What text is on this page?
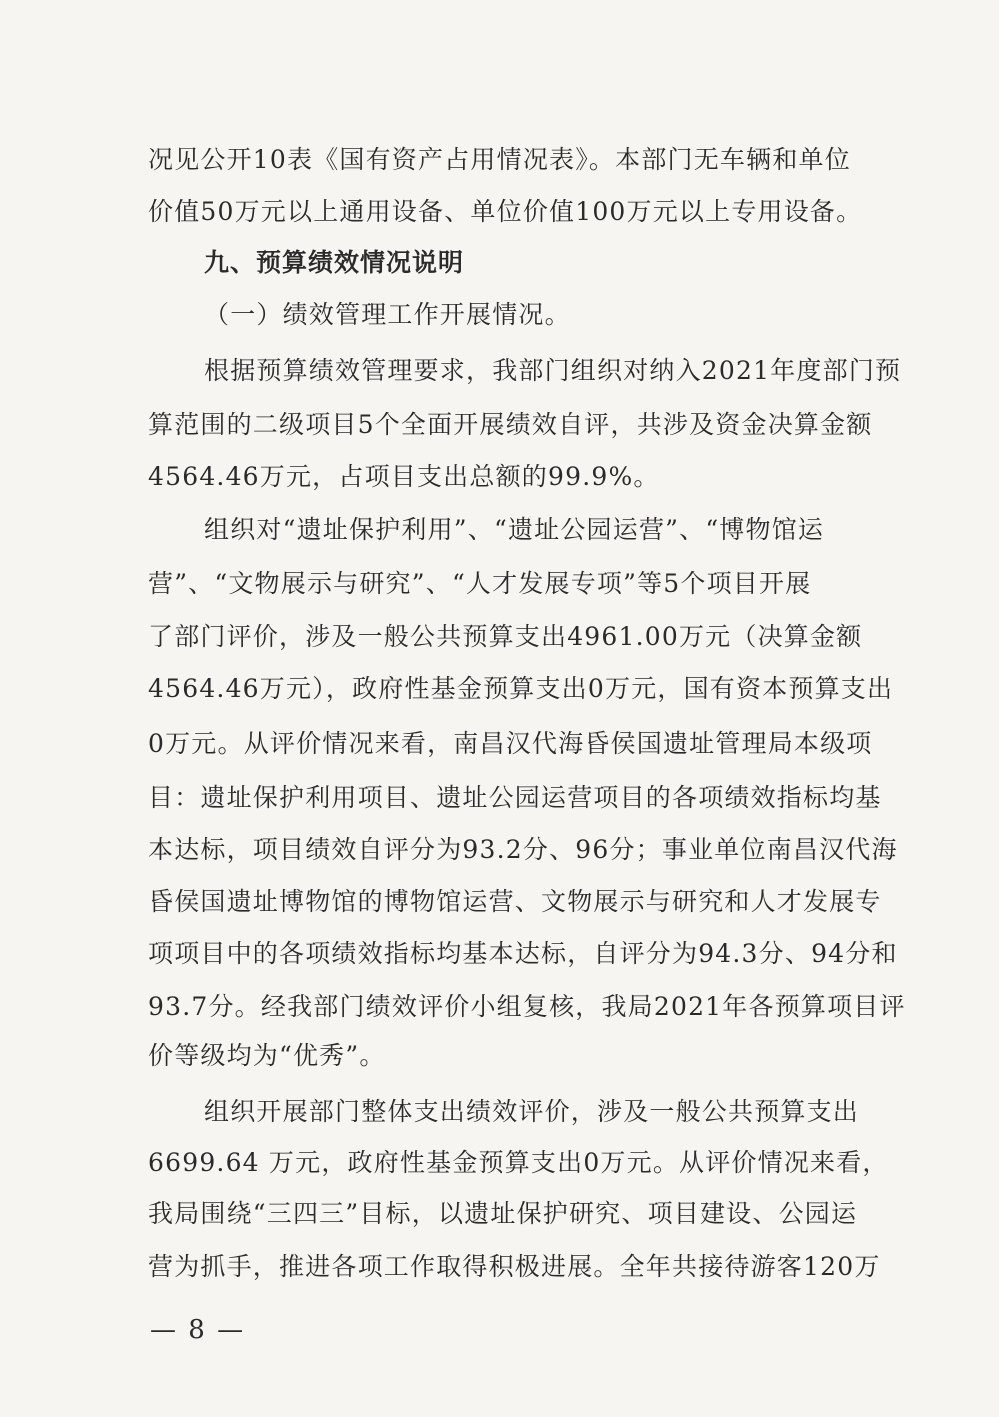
况见公开10表《国有资产占用情况表》。本部门无车辆和单位
价值50万元以上通用设备、单位价值100万元以上专用设备。
九、预算绩效情况说明
（一）绩效管理工作开展情况。
根据预算绩效管理要求，我部门组织对纳入2021年度部门预
算范围的二级项目5个全面开展绩效自评，共涉及资金决算金额
4564.46万元，占项目支出总额的99.9%。
组织对“遗址保护利用”、“遗址公园运营”、“博物馆运
营”、“文物展示与研究”、“人才发展专项”等5个项目开展
了部门评价，涉及一般公共预算支出4961.00万元（决算金额
4564.46万元），政府性基金预算支出0万元，国有资本预算支出
0万元。从评价情况来看，南昌汉代海昏侯国遗址管理局本级项
目：遗址保护利用项目、遗址公园运营项目的各项绩效指标均基
本达标，项目绩效自评分为93.2分、96分；事业单位南昌汉代海
昏侯国遗址博物馆的博物馆运营、文物展示与研究和人才发展专
项项目中的各项绩效指标均基本达标，自评分为94.3分、94分和
93.7分。经我部门绩效评价小组复核，我局2021年各预算项目评
价等级均为“优秀”。
组织开展部门整体支出绩效评价，涉及一般公共预算支出
6699.64 万元，政府性基金预算支出0万元。从评价情况来看，
我局围绕“三四三”目标，以遗址保护研究、项目建设、公园运
营为抓手，推进各项工作取得积极进展。全年共接待游客120万
— 8 —
